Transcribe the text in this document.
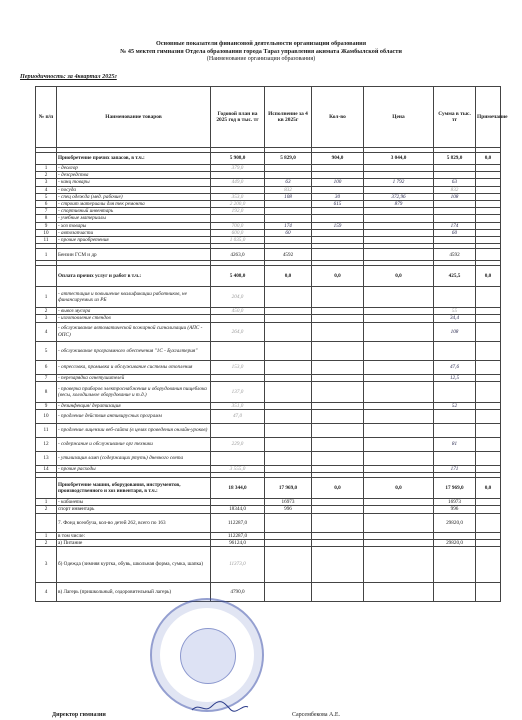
Основные показатели финансовой деятельности организации образования
№ 45 мектеп гимназия Отдела образования города Тараз управления акимата Жамбылской области
(Наименование организации образования)
Периодичность: за 4квартал 2025г
№ п/п	Наименование товаров	Годовой план на 2025 год в тыс. тг	Исполнение за 4 кв 2025г	Кол-во	Цена	Сумма в тыс. тг	Примечание

	Приобретение прочих запасов, в т.ч.:	5 908,0	5 829,0	904,0	3 044,0	5 829,0	0,0
1	- деолгор	379,0					
2	- дезсредства						
3	- канц товары	449,0	63	100	1 792	63	
4	- посуда		832			832	
5	- спец одежда (мед. рабочие)	353,0	108	30	372,96	108	
6	- строит материалы для тек ремонта	2 200,0		615	879		
7	- спортивный инвентарь	192,0					
8	- учебные материалы						
9	- хоз товары	700,0	174	159		174	
10	- автозапчасти	600,0	60			60	
11	- прочие приобретения	1 035,0					

1	Бензин ГСМ и др	4263,0	4592			4592	

	Оплата прочих услуг и работ в т.ч.:	5 408,0	0,0	0,0	0,0	425,5	0,0
1	- аттестация и повышение квалификации работников, не финансируемых из РБ	204,0					
2	- вывоз мусора	450,0				55	
3	- изготовление стендов					34,4	
4	- обслуживание автоматической пожарной сигнализации (АПС - ОПС)	264,0				108	
5	- обслуживание программного обеспечения "1С - Бухгалтерия"						
6	- опрессовка, промывка и обслуживание системы отопления	153,0				47,6	
7	- перезарядка огнетушителей					12,5	
8	- проверка приборов электроснабжения и оборудования пищеблока (весы, холодильное оборудование и т.д.)	137,0					
9	- дезинфекция/ дератизация	351,0				52	
10	- продление действия антивирусных программ	47,0					
11	- продление лицензии веб-сайта (в целях проведения онлайн-уроков)						
12	- содержание и обслуживание орг техники	229,0				81	
13	- утилизация ламп (содержащих ртуть) дневного света						
14	- прочие расходы	3 555,0				171	

	Приобретение машин, оборудования, инструментов, производственного и хоз инвентаря, в т.ч.:	18 344,0	17 969,0	0,0	0,0	17 969,0	0,0
1	- кабинеты		16973			16973	
2	спорт инвентарь	18344,0	996			996	
	7. Фонд всеобуча, кол-во детей 262, всего по 163	112287,0				29820,0	
1	в том числе:	112287,0					
2	а) Питание	96124,0				29820,0	
3	б) Одежда (зимняя куртка, обувь, школьная форма, сумка, шапка)	11373,0					
4	в) Лагерь (пришкольный, оздоровительный лагерь)	4790,0					
Директор гимназии	Сарсембекова А.Е.
